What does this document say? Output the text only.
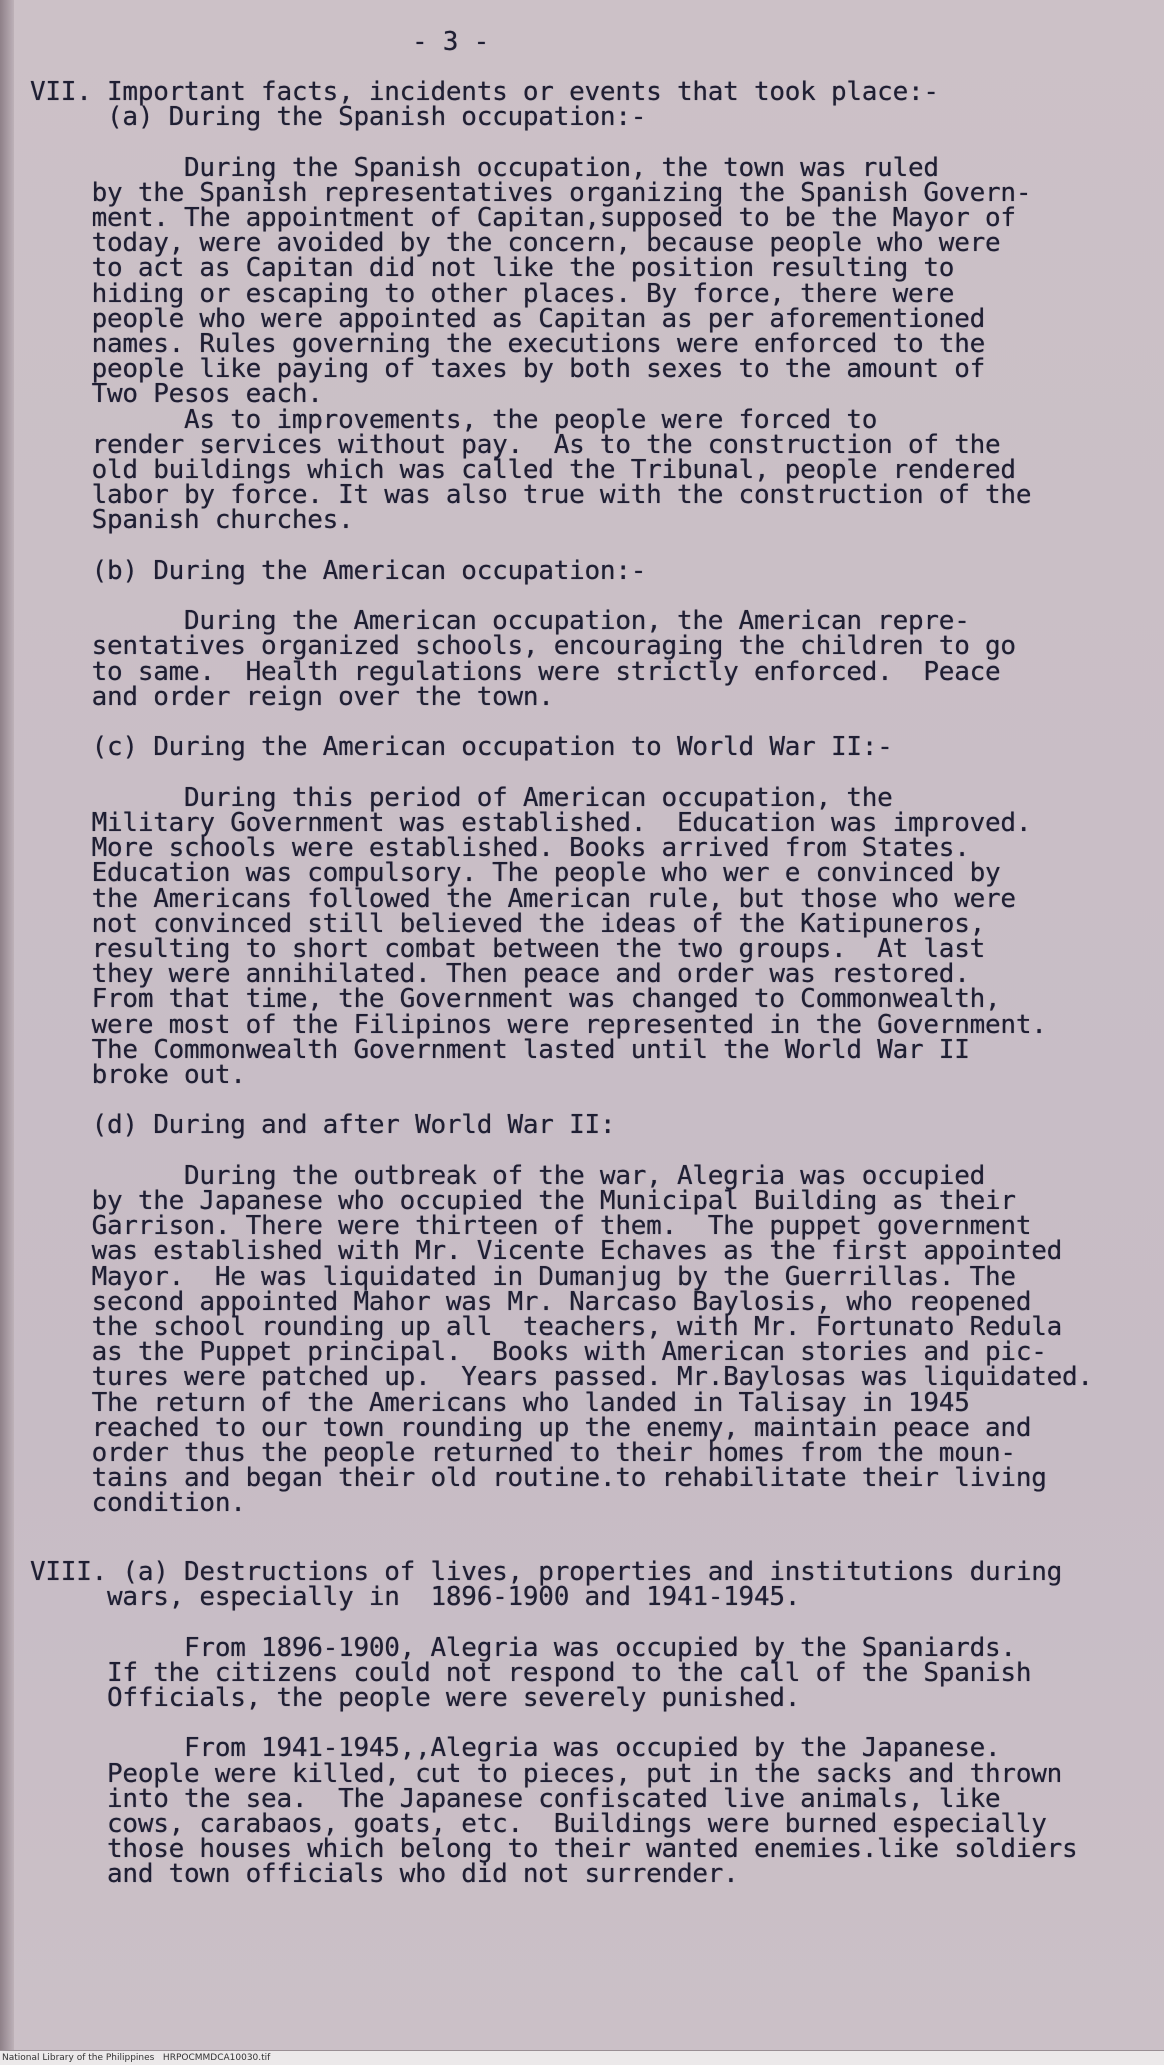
- 3 -

VII. Important facts, incidents or events that took place:-

(a) During the Spanish occupation:-

During the Spanish occupation, the town was ruled

by the Spanish representatives organizing the Spanish Govern-

ment. The appointment of Capitan,supposed to be the Mayor of

today, were avoided by the concern, because people who were

to act as Capitan did not like the position resulting to

hiding or escaping to other places. By force, there were

people who were appointed as Capitan as per aforementioned

names. Rules governing the executions were enforced to the

people like paying of taxes by both sexes to the amount of

Two Pesos each.

As to improvements, the people were forced to

render services without pay.  As to the construction of the

old buildings which was called the Tribunal, people rendered

labor by force. It was also true with the construction of the

Spanish churches.

(b) During the American occupation:-

During the American occupation, the American repre-

sentatives organized schools, encouraging the children to go

to same.  Health regulations were strictly enforced.  Peace

and order reign over the town.

(c) During the American occupation to World War II:-

During this period of American occupation, the

Military Government was established.  Education was improved.

More schools were established. Books arrived from States.

Education was compulsory. The people who wer e convinced by

the Americans followed the American rule, but those who were

not convinced still believed the ideas of the Katipuneros,

resulting to short combat between the two groups.  At last

they were annihilated. Then peace and order was restored.

From that time, the Government was changed to Commonwealth,

were most of the Filipinos were represented in the Government.

The Commonwealth Government lasted until the World War II

broke out.

(d) During and after World War II:

During the outbreak of the war, Alegria was occupied

by the Japanese who occupied the Municipal Building as their

Garrison. There were thirteen of them.  The puppet government

was established with Mr. Vicente Echaves as the first appointed

Mayor.  He was liquidated in Dumanjug by the Guerrillas. The

second appointed Mahor was Mr. Narcaso Baylosis, who reopened

the school rounding up all  teachers, with Mr. Fortunato Redula

as the Puppet principal.  Books with American stories and pic-

tures were patched up.  Years passed. Mr.Baylosas was liquidated.

The return of the Americans who landed in Talisay in 1945

reached to our town rounding up the enemy, maintain peace and

order thus the people returned to their homes from the moun-

tains and began their old routine.to rehabilitate their living

condition.

VIII. (a) Destructions of lives, properties and institutions during

wars, especially in  1896-1900 and 1941-1945.

From 1896-1900, Alegria was occupied by the Spaniards.

If the citizens could not respond to the call of the Spanish

Officials, the people were severely punished.

From 1941-1945,,Alegria was occupied by the Japanese.

People were killed, cut to pieces, put in the sacks and thrown

into the sea.  The Japanese confiscated live animals, like

cows, carabaos, goats, etc.  Buildings were burned especially

those houses which belong to their wanted enemies.like soldiers

and town officials who did not surrender.

National Library of the Philippines   HRPOCMMDCA10030.tif
